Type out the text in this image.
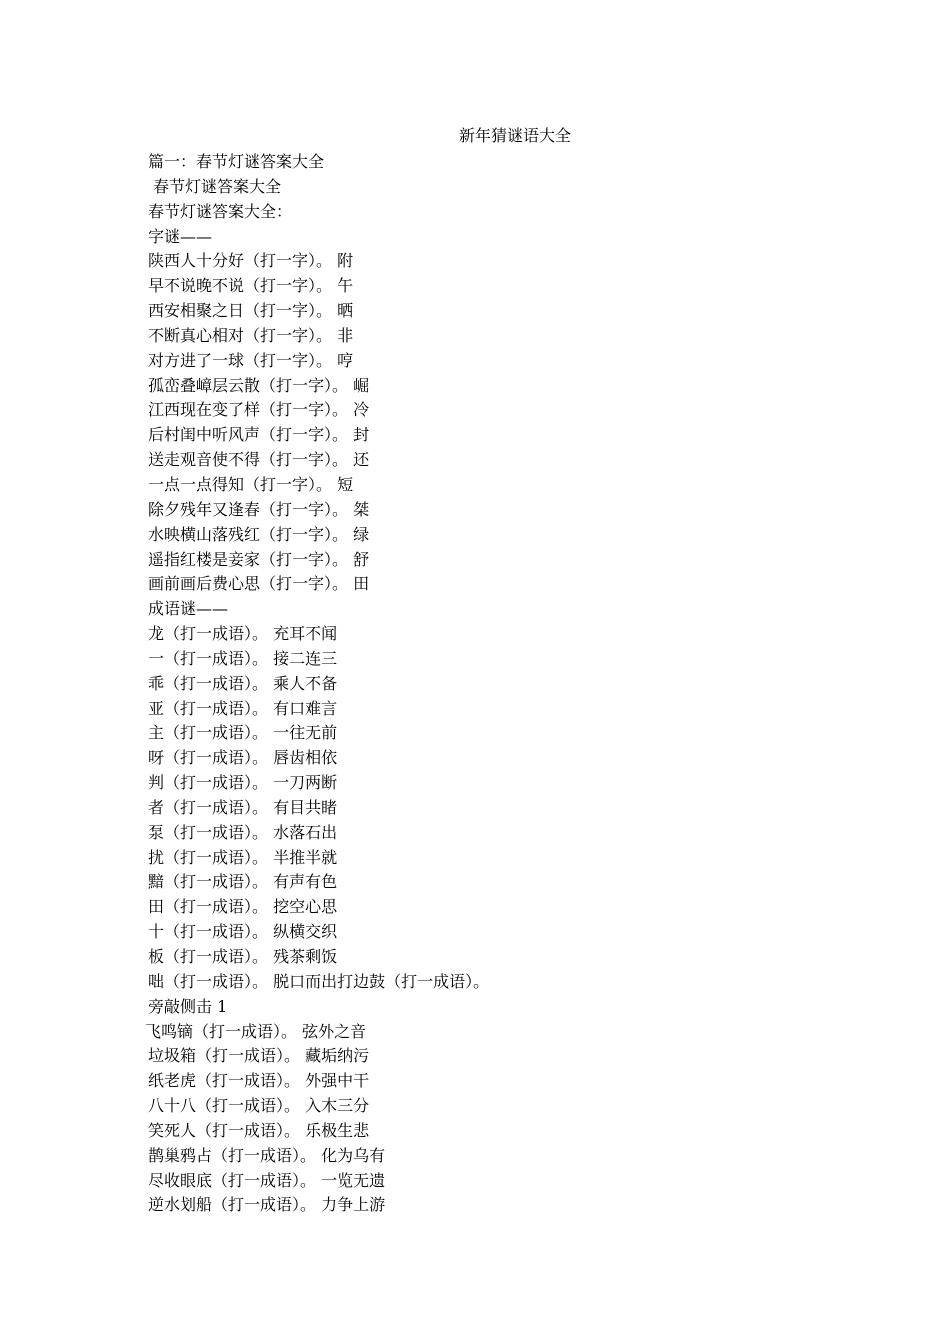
新年猜谜语大全
篇一：春节灯谜答案大全
春节灯谜答案大全
春节灯谜答案大全：
字谜——
陕西人十分好（打一字）。 附
早不说晚不说（打一字）。 午
西安相聚之日（打一字）。 晒
不断真心相对（打一字）。 非
对方进了一球（打一字）。 哼
孤峦叠嶂层云散（打一字）。 崛
江西现在变了样（打一字）。 冷
后村闺中听风声（打一字）。 封
送走观音使不得（打一字）。 还
一点一点得知（打一字）。 短
除夕残年又逢春（打一字）。 桀
水映横山落残红（打一字）。 绿
遥指红楼是妾家（打一字）。 舒
画前画后费心思（打一字）。 田
成语谜——
龙（打一成语）。 充耳不闻
一（打一成语）。 接二连三
乖（打一成语）。 乘人不备
亚（打一成语）。 有口难言
主（打一成语）。 一往无前
呀（打一成语）。 唇齿相依
判（打一成语）。 一刀两断
者（打一成语）。 有目共睹
泵（打一成语）。 水落石出
扰（打一成语）。 半推半就
黯（打一成语）。 有声有色
田（打一成语）。 挖空心思
十（打一成语）。 纵横交织
板（打一成语）。 残茶剩饭
咄（打一成语）。 脱口而出打边鼓（打一成语）。
旁敲侧击 1
飞鸣镝（打一成语）。 弦外之音
垃圾箱（打一成语）。 藏垢纳污
纸老虎（打一成语）。 外强中干
八十八（打一成语）。 入木三分
笑死人（打一成语）。 乐极生悲
鹊巢鸦占（打一成语）。 化为乌有
尽收眼底（打一成语）。 一览无遗
逆水划船（打一成语）。 力争上游
